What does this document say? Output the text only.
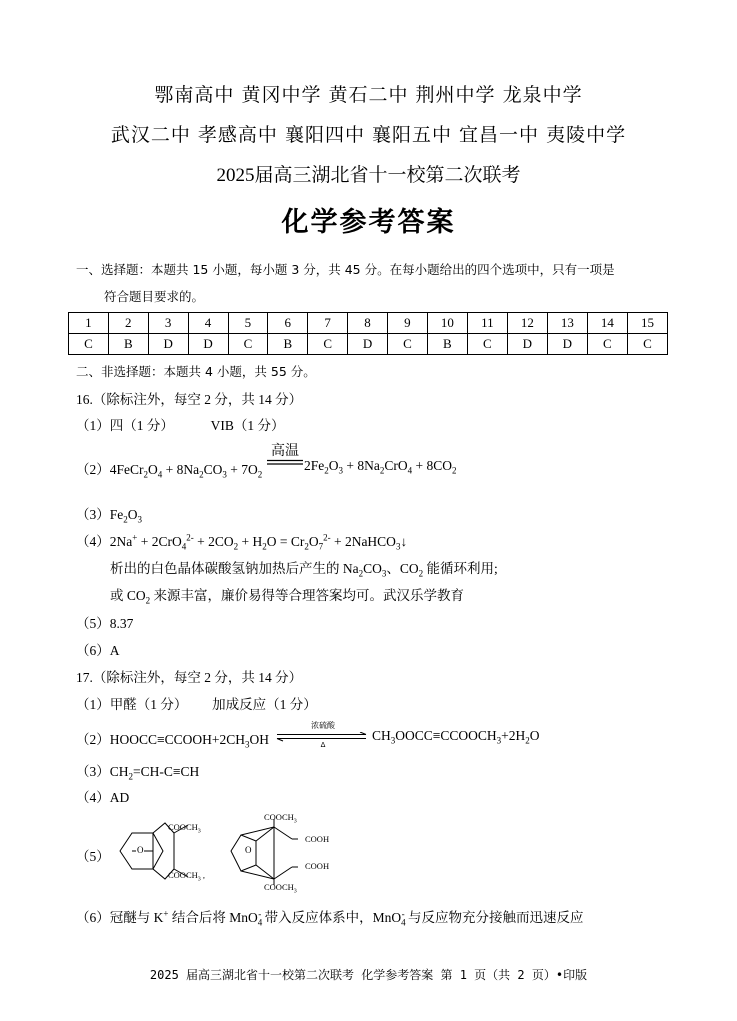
鄂南高中 黄冈中学 黄石二中 荆州中学 龙泉中学
武汉二中 孝感高中 襄阳四中 襄阳五中 宜昌一中 夷陵中学
2025届高三湖北省十一校第二次联考
化学参考答案
一、选择题：本题共 15 小题，每小题 3 分，共 45 分。在每小题给出的四个选项中，只有一项是
符合题目要求的。
1	2	3	4	5	6	7	8	9	10	11	12	13	14	15
C	B	D	D	C	B	C	D	C	B	C	D	D	C	C
二、非选择题：本题共 4 小题，共 55 分。
16.（除标注外，每空 2 分，共 14 分）
（1）四（1 分）	VIB（1 分）
$(2)4FeCr_2O_4 + 8Na_2CO_3 + 7O_2$
高温
$2Fe_2O_3 + 8Na_2CrO_4 + 8CO_2$
$(3)Fe_2O_3$
$(4)2Na^+ + 2CrO_4^{2-} + 2CO_2 + H_2O = Cr_2O_7^{2-}$ + 2NaHCO$_3$↓
析出的白色晶体碳酸氢钠加热后产生的 $Na_2CO_3$、$CO_2$ 能循环利用;
或 $CO_2$ 来源丰富，廉价易得等合理答案均可。武汉乐学教育
（5）8.37
（6）A
17.（除标注外，每空 2 分，共 14 分）
（1）甲醛（1 分） 加成反应（1 分）
$(2)HOOCC\equiv CCOOH+2CH_3OH$
浓硫酸
Δ
$CH_3OOCC\equiv CCOOCH_3+2H_2O$
$(3)CH_2=CH-C\equiv CH$
（4）AD
（5）	O
$COOCH_3$
$COOCH_3$ ,
O
$COOCH_3$
COOH
COOH
$COOCH_3$
（6）冠醚与 K+ 结合后将 MnO$_4$- 带入反应体系中，MnO$_4$- 与反应物充分接触而迅速反应
2025 届高三湖北省十一校第二次联考 化学参考答案 第 1 页（共 2 页）•印版
